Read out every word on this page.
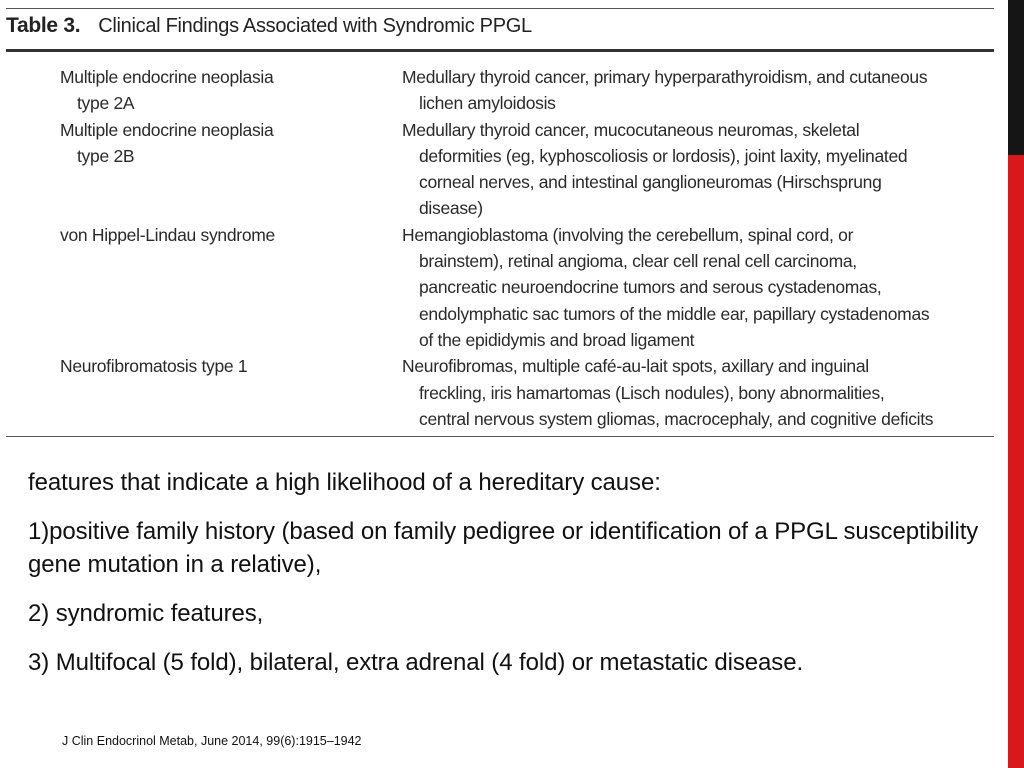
Table 3. Clinical Findings Associated with Syndromic PPGL
Multiple endocrine neoplasia
type 2A
Medullary thyroid cancer, primary hyperparathyroidism, and cutaneous
lichen amyloidosis
Multiple endocrine neoplasia
type 2B
Medullary thyroid cancer, mucocutaneous neuromas, skeletal
deformities (eg, kyphoscoliosis or lordosis), joint laxity, myelinated
corneal nerves, and intestinal ganglioneuromas (Hirschsprung
disease)
von Hippel-Lindau syndrome	Hemangioblastoma (involving the cerebellum, spinal cord, or
brainstem), retinal angioma, clear cell renal cell carcinoma,
pancreatic neuroendocrine tumors and serous cystadenomas,
endolymphatic sac tumors of the middle ear, papillary cystadenomas
of the epididymis and broad ligament
Neurofibromatosis type 1	Neurofibromas, multiple café-au-lait spots, axillary and inguinal
freckling, iris hamartomas (Lisch nodules), bony abnormalities,
central nervous system gliomas, macrocephaly, and cognitive deficits

features that indicate a high likelihood of a hereditary cause:

1)positive family history (based on family pedigree or identification of a PPGL susceptibility gene mutation in a relative),

2) syndromic features,

3) Multifocal (5 fold), bilateral, extra adrenal (4 fold) or metastatic disease.

J Clin Endocrinol Metab, June 2014, 99(6):1915–1942
